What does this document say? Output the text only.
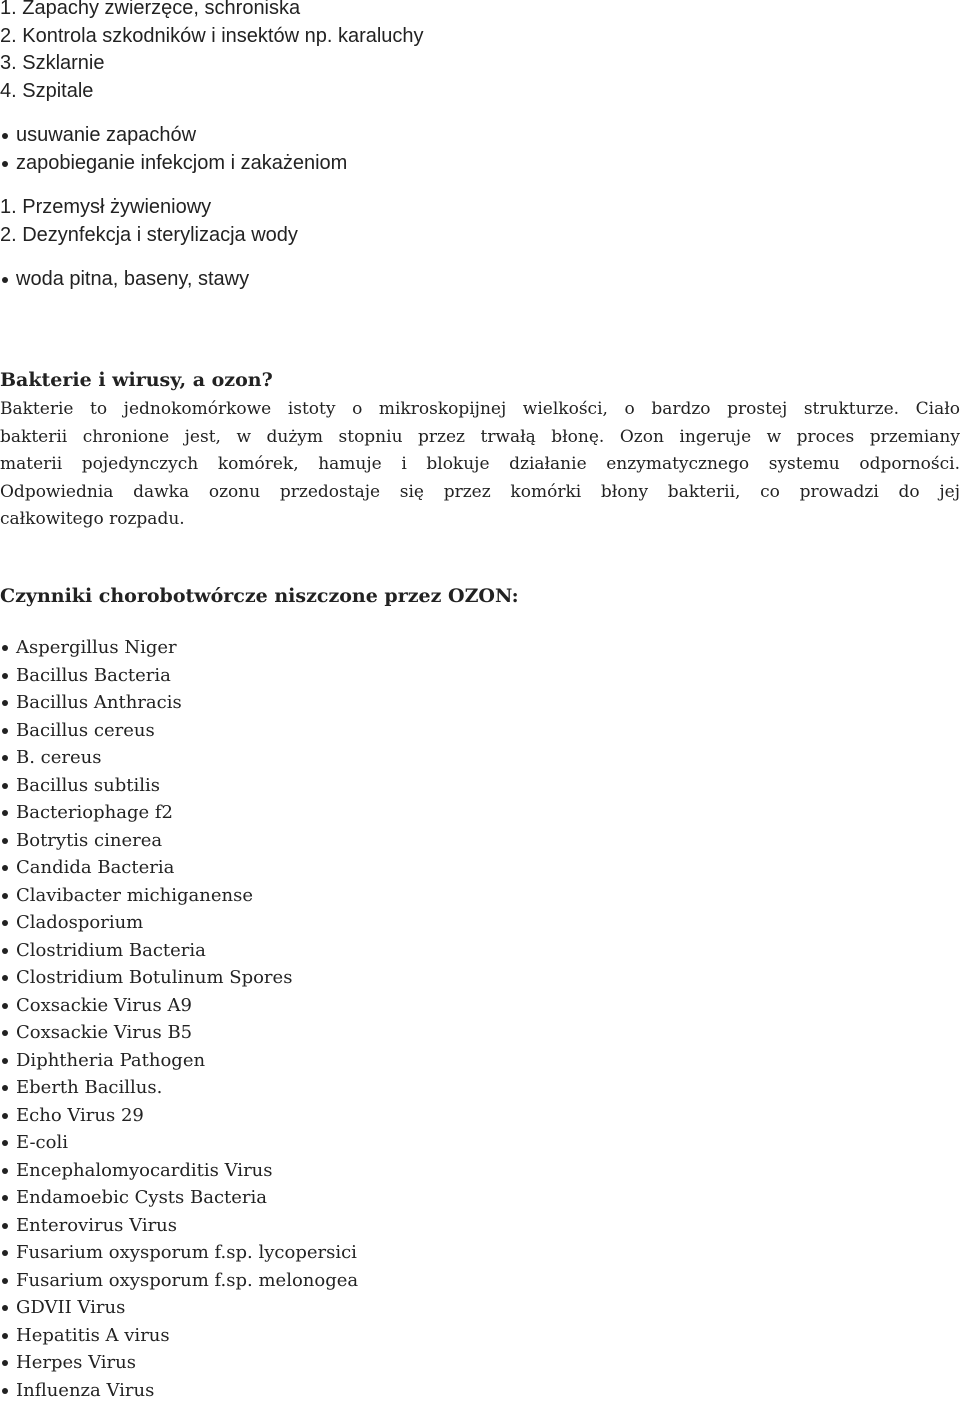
1. Zapachy zwierzęce, schroniska
2. Kontrola szkodników i insektów np. karaluchy
3. Szklarnie
4. Szpitale
usuwanie zapachów
zapobieganie infekcjom i zakażeniom
1. Przemysł żywieniowy
2. Dezynfekcja i sterylizacja wody
woda pitna, baseny, stawy
Bakterie i wirusy, a ozon?

Bakterie to jednokomórkowe istoty o mikroskopijnej wielkości, o bardzo prostej strukturze. Ciało
bakterii chronione jest, w dużym stopniu przez trwałą błonę. Ozon ingeruje w proces przemiany
materii pojedynczych komórek, hamuje i blokuje działanie enzymatycznego systemu odporności.
Odpowiednia dawka ozonu przedostaje się przez komórki błony bakterii, co prowadzi do jej
całkowitego rozpadu.

Czynniki chorobotwórcze niszczone przez OZON:
Aspergillus Niger
Bacillus Bacteria
Bacillus Anthracis
Bacillus cereus
B. cereus
Bacillus subtilis
Bacteriophage f2
Botrytis cinerea
Candida Bacteria
Clavibacter michiganense
Cladosporium
Clostridium Bacteria
Clostridium Botulinum Spores
Coxsackie Virus A9
Coxsackie Virus B5
Diphtheria Pathogen
Eberth Bacillus.
Echo Virus 29
E-coli
Encephalomyocarditis Virus
Endamoebic Cysts Bacteria
Enterovirus Virus
Fusarium oxysporum f.sp. lycopersici
Fusarium oxysporum f.sp. melonogea
GDVII Virus
Hepatitis A virus
Herpes Virus
Influenza Virus
